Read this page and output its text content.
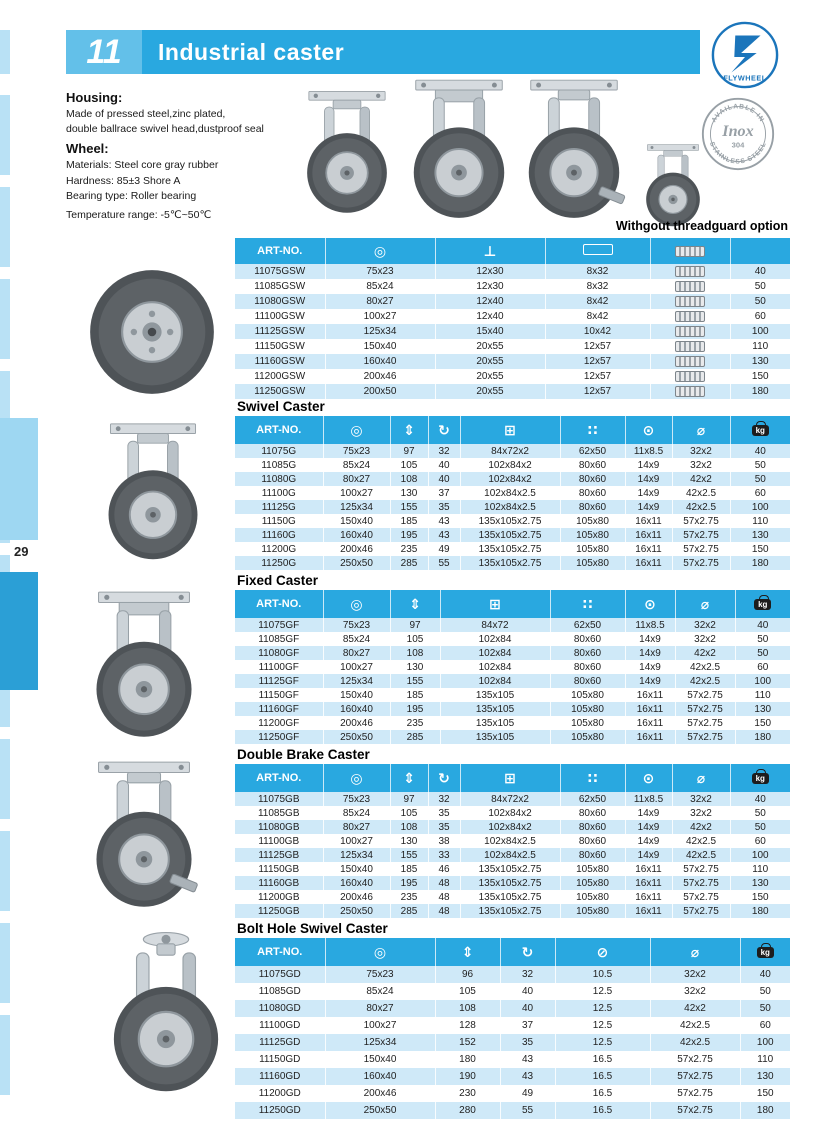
29
11 Industrial caster
FLYWHEEL
AVAILABLE IN
STAINLESS STEEL
Inox
304
Housing:
Made of pressed steel,zinc plated,
double ballrace swivel head,dustproof seal
Wheel:
Materials: Steel core gray rubber
Hardness: 85±3 Shore A
Bearing type: Roller bearing
Temperature range: -5℃~50℃
Withgout threadguard option
ART-NO.	◎	⊥			
11075GSW	75x23	12x30	8x32		40
11085GSW	85x24	12x30	8x32		50
11080GSW	80x27	12x40	8x42		50
11100GSW	100x27	12x40	8x42		60
11125GSW	125x34	15x40	10x42		100
11150GSW	150x40	20x55	12x57		110
11160GSW	160x40	20x55	12x57		130
11200GSW	200x46	20x55	12x57		150
11250GSW	200x50	20x55	12x57		180
Swivel Caster
ART-NO.	◎	⇕	↻	⊞	∷	⊙	⌀	kg
11075G	75x23	97	32	84x72x2	62x50	11x8.5	32x2	40
11085G	85x24	105	40	102x84x2	80x60	14x9	32x2	50
11080G	80x27	108	40	102x84x2	80x60	14x9	42x2	50
11100G	100x27	130	37	102x84x2.5	80x60	14x9	42x2.5	60
11125G	125x34	155	35	102x84x2.5	80x60	14x9	42x2.5	100
11150G	150x40	185	43	135x105x2.75	105x80	16x11	57x2.75	110
11160G	160x40	195	43	135x105x2.75	105x80	16x11	57x2.75	130
11200G	200x46	235	49	135x105x2.75	105x80	16x11	57x2.75	150
11250G	250x50	285	55	135x105x2.75	105x80	16x11	57x2.75	180
Fixed Caster
ART-NO.	◎	⇕	⊞	∷	⊙	⌀	kg
11075GF	75x23	97	84x72	62x50	11x8.5	32x2	40
11085GF	85x24	105	102x84	80x60	14x9	32x2	50
11080GF	80x27	108	102x84	80x60	14x9	42x2	50
11100GF	100x27	130	102x84	80x60	14x9	42x2.5	60
11125GF	125x34	155	102x84	80x60	14x9	42x2.5	100
11150GF	150x40	185	135x105	105x80	16x11	57x2.75	110
11160GF	160x40	195	135x105	105x80	16x11	57x2.75	130
11200GF	200x46	235	135x105	105x80	16x11	57x2.75	150
11250GF	250x50	285	135x105	105x80	16x11	57x2.75	180
Double Brake Caster
ART-NO.	◎	⇕	↻	⊞	∷	⊙	⌀	kg
11075GB	75x23	97	32	84x72x2	62x50	11x8.5	32x2	40
11085GB	85x24	105	35	102x84x2	80x60	14x9	32x2	50
11080GB	80x27	108	35	102x84x2	80x60	14x9	42x2	50
11100GB	100x27	130	38	102x84x2.5	80x60	14x9	42x2.5	60
11125GB	125x34	155	33	102x84x2.5	80x60	14x9	42x2.5	100
11150GB	150x40	185	46	135x105x2.75	105x80	16x11	57x2.75	110
11160GB	160x40	195	48	135x105x2.75	105x80	16x11	57x2.75	130
11200GB	200x46	235	48	135x105x2.75	105x80	16x11	57x2.75	150
11250GB	250x50	285	48	135x105x2.75	105x80	16x11	57x2.75	180
Bolt Hole Swivel Caster
ART-NO.	◎	⇕	↻	⊘	⌀	kg
11075GD	75x23	96	32	10.5	32x2	40
11085GD	85x24	105	40	12.5	32x2	50
11080GD	80x27	108	40	12.5	42x2	50
11100GD	100x27	128	37	12.5	42x2.5	60
11125GD	125x34	152	35	12.5	42x2.5	100
11150GD	150x40	180	43	16.5	57x2.75	110
11160GD	160x40	190	43	16.5	57x2.75	130
11200GD	200x46	230	49	16.5	57x2.75	150
11250GD	250x50	280	55	16.5	57x2.75	180
